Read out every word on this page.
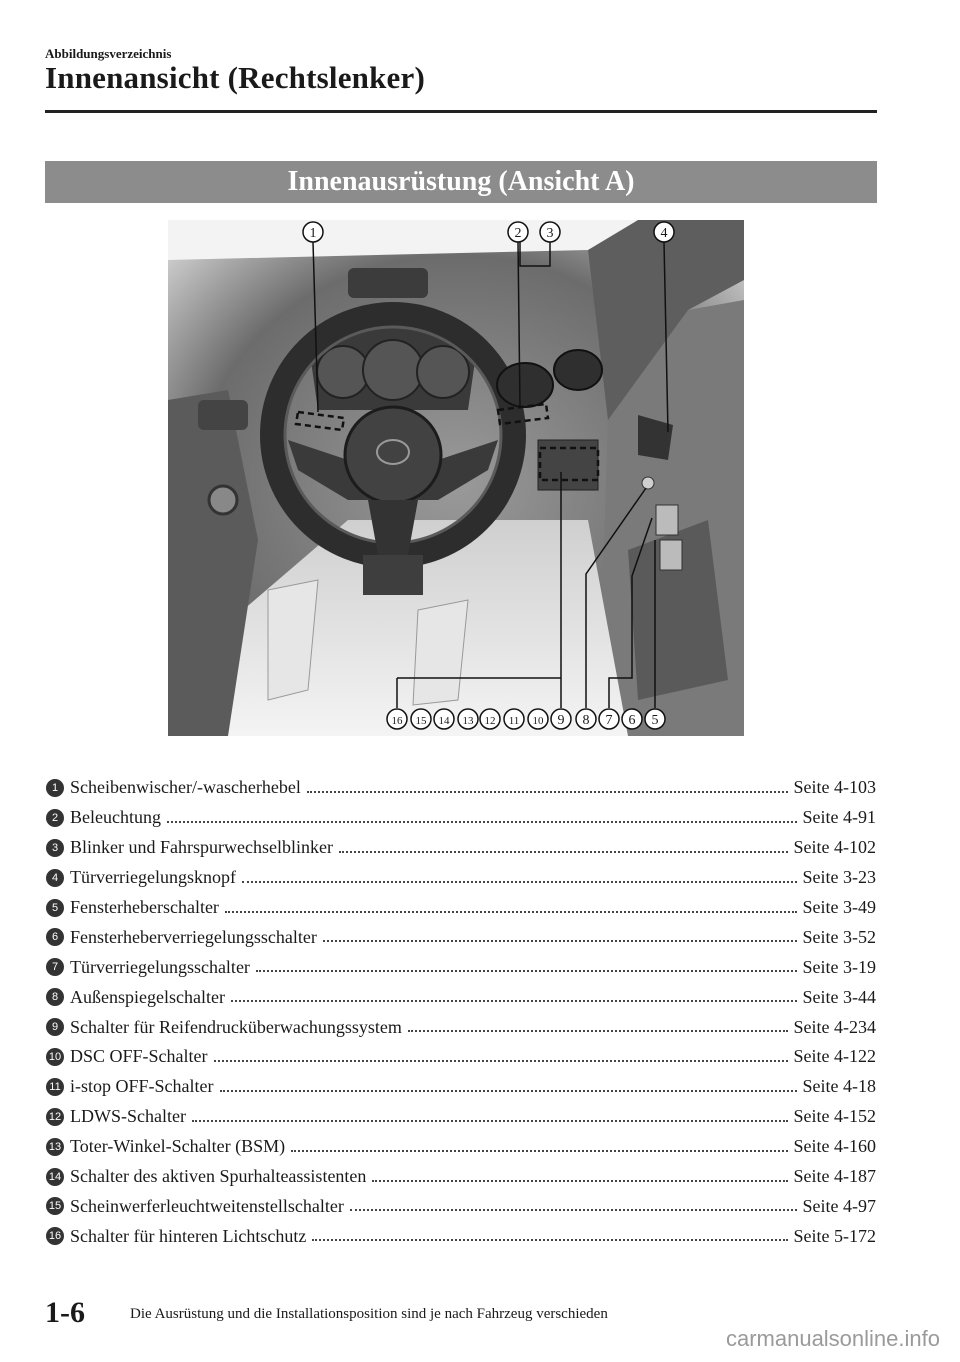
Abbildungsverzeichnis
Innenansicht (Rechtslenker)
Innenausrüstung (Ansicht A)
1	2 3	4
16 15 14 13 12 11 10 9 8 7 6 5
1 Scheibenwischer/-wascherhebel	Seite 4-103
2 Beleuchtung	Seite 4-91
3 Blinker und Fahrspurwechselblinker	Seite 4-102
4 Türverriegelungsknopf	Seite 3-23
5 Fensterheberschalter	Seite 3-49
6 Fensterheberverriegelungsschalter	Seite 3-52
7 Türverriegelungsschalter	Seite 3-19
8 Außenspiegelschalter	Seite 3-44
9 Schalter für Reifendrucküberwachungssystem	Seite 4-234
10 DSC OFF-Schalter	Seite 4-122
11 i-stop OFF-Schalter	Seite 4-18
12 LDWS-Schalter	Seite 4-152
13 Toter-Winkel-Schalter (BSM)	Seite 4-160
14 Schalter des aktiven Spurhalteassistenten	Seite 4-187
15 Scheinwerferleuchtweitenstellschalter	Seite 4-97
16 Schalter für hinteren Lichtschutz	Seite 5-172
1-6	Die Ausrüstung und die Installationsposition sind je nach Fahrzeug verschieden
carmanualsonline.info
